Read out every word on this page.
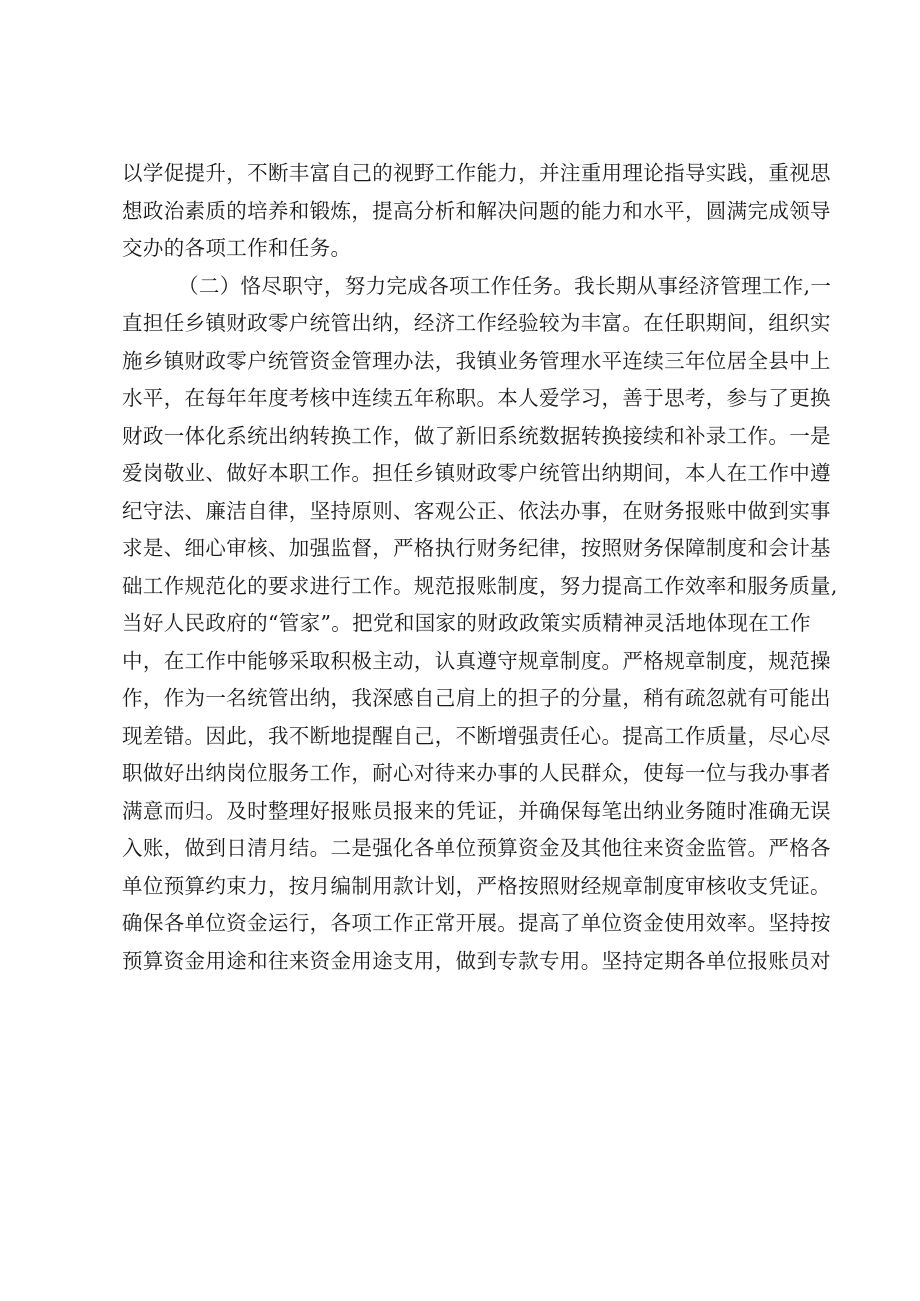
以学促提升，不断丰富自己的视野工作能力，并注重用理论指导实践，重视思
想政治素质的培养和锻炼，提高分析和解决问题的能力和水平，圆满完成领导
交办的各项工作和任务。
（二）恪尽职守，努力完成各项工作任务。我长期从事经济管理工作,一
直担任乡镇财政零户统管出纳，经济工作经验较为丰富。在任职期间，组织实
施乡镇财政零户统管资金管理办法，我镇业务管理水平连续三年位居全县中上
水平，在每年年度考核中连续五年称职。本人爱学习，善于思考，参与了更换
财政一体化系统出纳转换工作，做了新旧系统数据转换接续和补录工作。一是
爱岗敬业、做好本职工作。担任乡镇财政零户统管出纳期间，本人在工作中遵
纪守法、廉洁自律，坚持原则、客观公正、依法办事，在财务报账中做到实事
求是、细心审核、加强监督，严格执行财务纪律，按照财务保障制度和会计基
础工作规范化的要求进行工作。规范报账制度，努力提高工作效率和服务质量,
当好人民政府的“管家”。把党和国家的财政政策实质精神灵活地体现在工作
中，在工作中能够采取积极主动，认真遵守规章制度。严格规章制度，规范操
作，作为一名统管出纳，我深感自己肩上的担子的分量，稍有疏忽就有可能出
现差错。因此，我不断地提醒自己，不断增强责任心。提高工作质量，尽心尽
职做好出纳岗位服务工作，耐心对待来办事的人民群众，使每一位与我办事者
满意而归。及时整理好报账员报来的凭证，并确保每笔出纳业务随时准确无误
入账，做到日清月结。二是强化各单位预算资金及其他往来资金监管。严格各
单位预算约束力，按月编制用款计划，严格按照财经规章制度审核收支凭证。
确保各单位资金运行，各项工作正常开展。提高了单位资金使用效率。坚持按
预算资金用途和往来资金用途支用，做到专款专用。坚持定期各单位报账员对
